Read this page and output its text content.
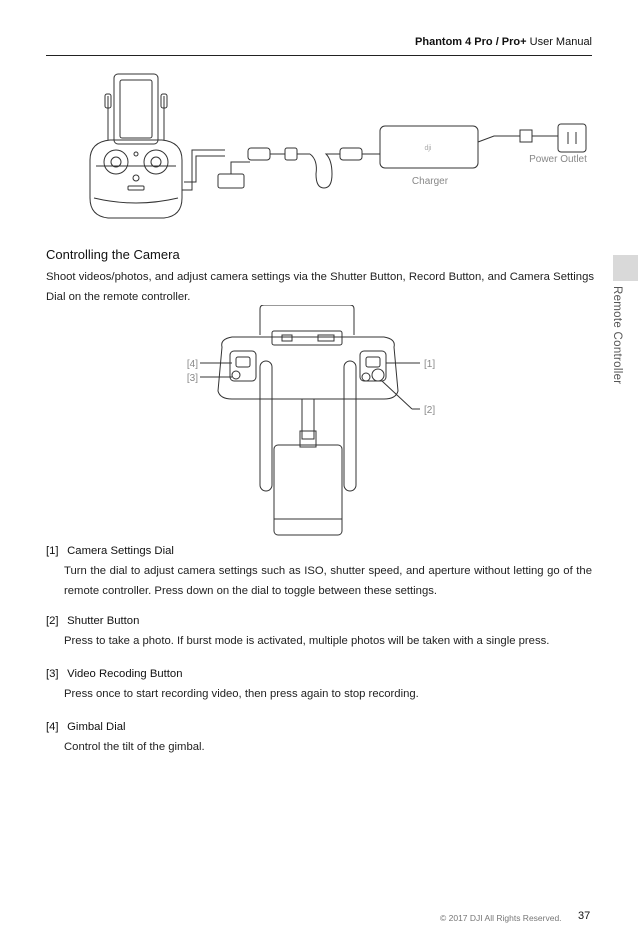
Phantom 4 Pro / Pro+ User Manual
Remote Controller
dji
Charger
Power Outlet
Controlling the Camera
Shoot videos/photos, and adjust camera settings via the Shutter Button, Record Button, and Camera Settings Dial on the remote controller.
[4]
[3]
[1]
[2]
[1] Camera Settings Dial
Turn the dial to adjust camera settings such as ISO, shutter speed, and aperture without letting go of the remote controller. Press down on the dial to toggle between these settings.
[2] Shutter Button
Press to take a photo. If burst mode is activated, multiple photos will be taken with a single press.
[3] Video Recoding Button
Press once to start recording video, then press again to stop recording.
[4] Gimbal Dial
Control the tilt of the gimbal.
© 2017 DJI All Rights Reserved. 37
